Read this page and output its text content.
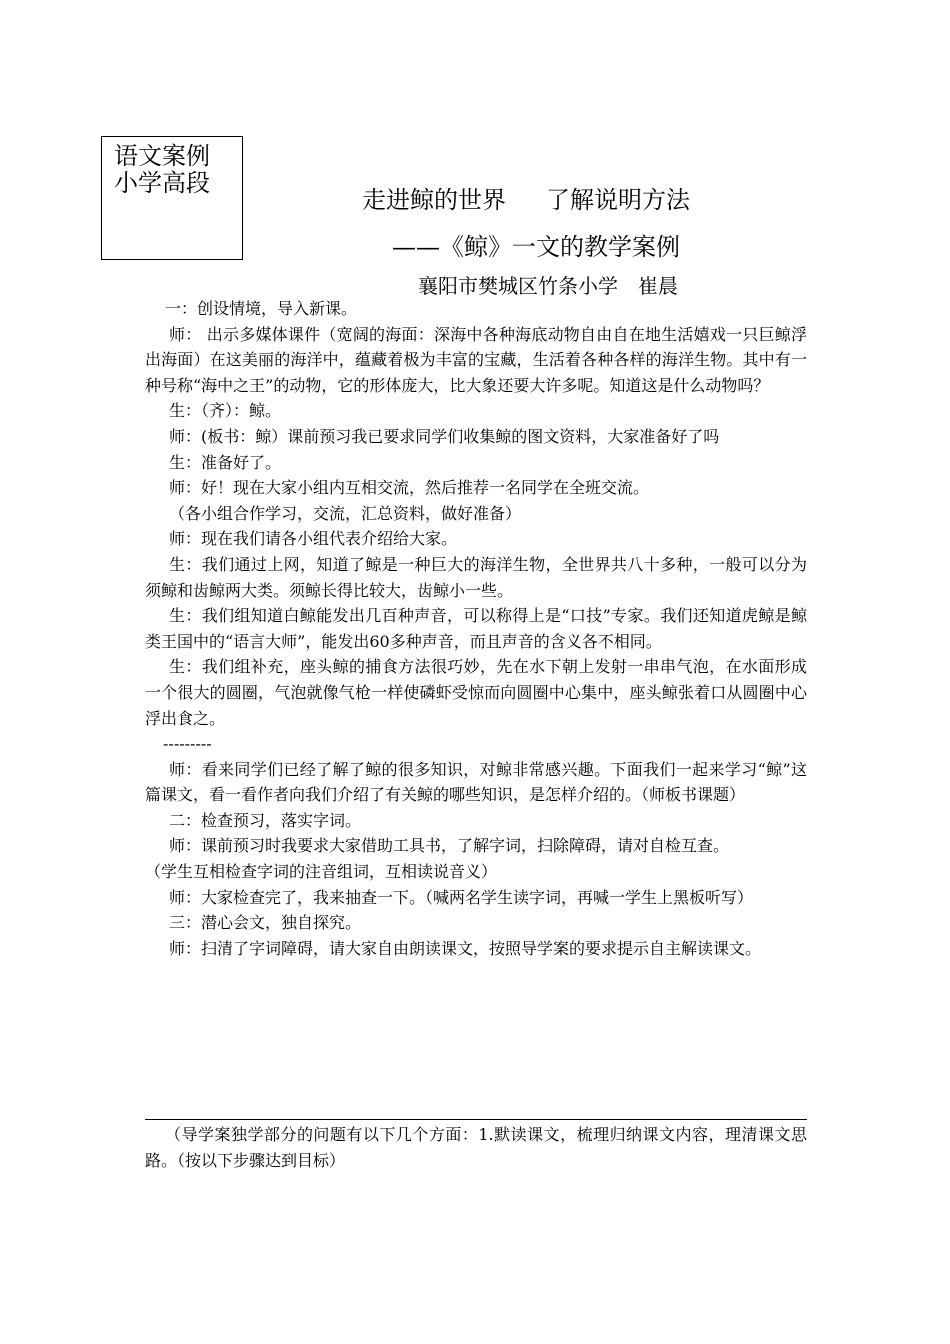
语文案例
小学高段
走进鲸的世界 了解说明方法
——《鲸》一文的教学案例
襄阳市樊城区竹条小学　崔晨

一：创设情境，导入新课。

师： 出示多媒体课件（宽阔的海面：深海中各种海底动物自由自在地生活嬉戏一只巨鲸浮出海面）在这美丽的海洋中，蕴藏着极为丰富的宝藏，生活着各种各样的海洋生物。其中有一种号称“海中之王”的动物，它的形体庞大，比大象还要大许多呢。知道这是什么动物吗？

生：（齐）：鲸。

师：(板书：鲸）课前预习我已要求同学们收集鲸的图文资料，大家准备好了吗

生：准备好了。

师：好！现在大家小组内互相交流，然后推荐一名同学在全班交流。

（各小组合作学习，交流，汇总资料，做好准备）

师：现在我们请各小组代表介绍给大家。

生：我们通过上网，知道了鲸是一种巨大的海洋生物，全世界共八十多种，一般可以分为须鲸和齿鲸两大类。须鲸长得比较大，齿鲸小一些。

生：我们组知道白鲸能发出几百种声音，可以称得上是“口技”专家。我们还知道虎鲸是鲸类王国中的“语言大师”，能发出60多种声音，而且声音的含义各不相同。

生：我们组补充，座头鲸的捕食方法很巧妙，先在水下朝上发射一串串气泡，在水面形成一个很大的圆圈，气泡就像气枪一样使磷虾受惊而向圆圈中心集中，座头鲸张着口从圆圈中心浮出食之。

---------

师：看来同学们已经了解了鲸的很多知识，对鲸非常感兴趣。下面我们一起来学习“鲸”这篇课文，看一看作者向我们介绍了有关鲸的哪些知识，是怎样介绍的。（师板书课题）

二：检查预习，落实字词。

师：课前预习时我要求大家借助工具书，了解字词，扫除障碍，请对自检互查。

（学生互相检查字词的注音组词，互相读说音义）

师：大家检查完了，我来抽查一下。（喊两名学生读字词，再喊一学生上黑板听写）

三：潜心会文，独自探究。

师：扫清了字词障碍，请大家自由朗读课文，按照导学案的要求提示自主解读课文。

（导学案独学部分的问题有以下几个方面：1.默读课文，梳理归纳课文内容，理清课文思路。（按以下步骤达到目标）
